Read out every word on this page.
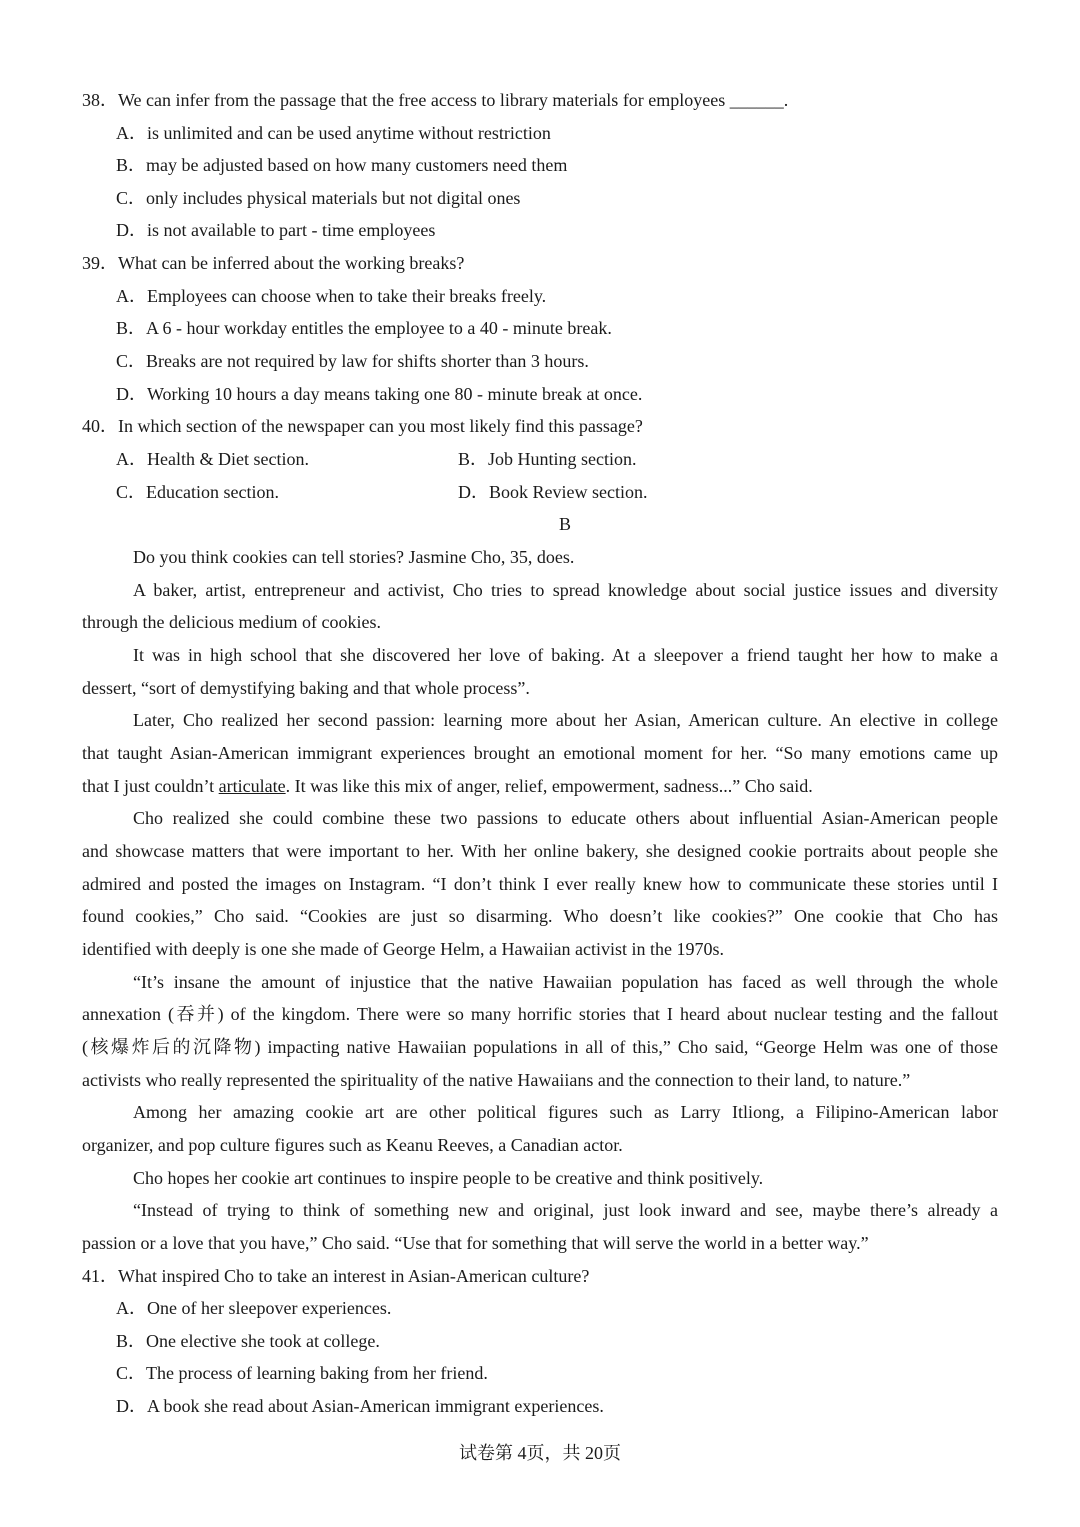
38．We can infer from the passage that the free access to library materials for employees ______.
A．is unlimited and can be used anytime without restriction
B．may be adjusted based on how many customers need them
C．only includes physical materials but not digital ones
D．is not available to part - time employees
39．What can be inferred about the working breaks?
A．Employees can choose when to take their breaks freely.
B．A 6 - hour workday entitles the employee to a 40 - minute break.
C．Breaks are not required by law for shifts shorter than 3 hours.
D．Working 10 hours a day means taking one 80 - minute break at once.
40．In which section of the newspaper can you most likely find this passage?
A．Health & Diet section.	B．Job Hunting section.
C．Education section.	D．Book Review section.
B
Do you think cookies can tell stories? Jasmine Cho, 35, does.
A baker, artist, entrepreneur and activist, Cho tries to spread knowledge about social justice issues and diversity
through the delicious medium of cookies.
It was in high school that she discovered her love of baking. At a sleepover a friend taught her how to make a
dessert, “sort of demystifying baking and that whole process”.
Later, Cho realized her second passion: learning more about her Asian, American culture. An elective in college
that taught Asian-American immigrant experiences brought an emotional moment for her. “So many emotions came up
that I just couldn’t articulate. It was like this mix of anger, relief, empowerment, sadness...” Cho said.
Cho realized she could combine these two passions to educate others about influential Asian-American people
and showcase matters that were important to her. With her online bakery, she designed cookie portraits about people she
admired and posted the images on Instagram. “I don’t think I ever really knew how to communicate these stories until I
found cookies,” Cho said. “Cookies are just so disarming. Who doesn’t like cookies?” One cookie that Cho has
identified with deeply is one she made of George Helm, a Hawaiian activist in the 1970s.
“It’s insane the amount of injustice that the native Hawaiian population has faced as well through the whole
annexation (吞并) of the kingdom. There were so many horrific stories that I heard about nuclear testing and the fallout
(核爆炸后的沉降物) impacting native Hawaiian populations in all of this,” Cho said, “George Helm was one of those
activists who really represented the spirituality of the native Hawaiians and the connection to their land, to nature.”
Among her amazing cookie art are other political figures such as Larry Itliong, a Filipino-American labor
organizer, and pop culture figures such as Keanu Reeves, a Canadian actor.
Cho hopes her cookie art continues to inspire people to be creative and think positively.
“Instead of trying to think of something new and original, just look inward and see, maybe there’s already a
passion or a love that you have,” Cho said. “Use that for something that will serve the world in a better way.”
41．What inspired Cho to take an interest in Asian-American culture?
A．One of her sleepover experiences.
B．One elective she took at college.
C．The process of learning baking from her friend.
D．A book she read about Asian-American immigrant experiences.
试卷第 4页，共 20页
